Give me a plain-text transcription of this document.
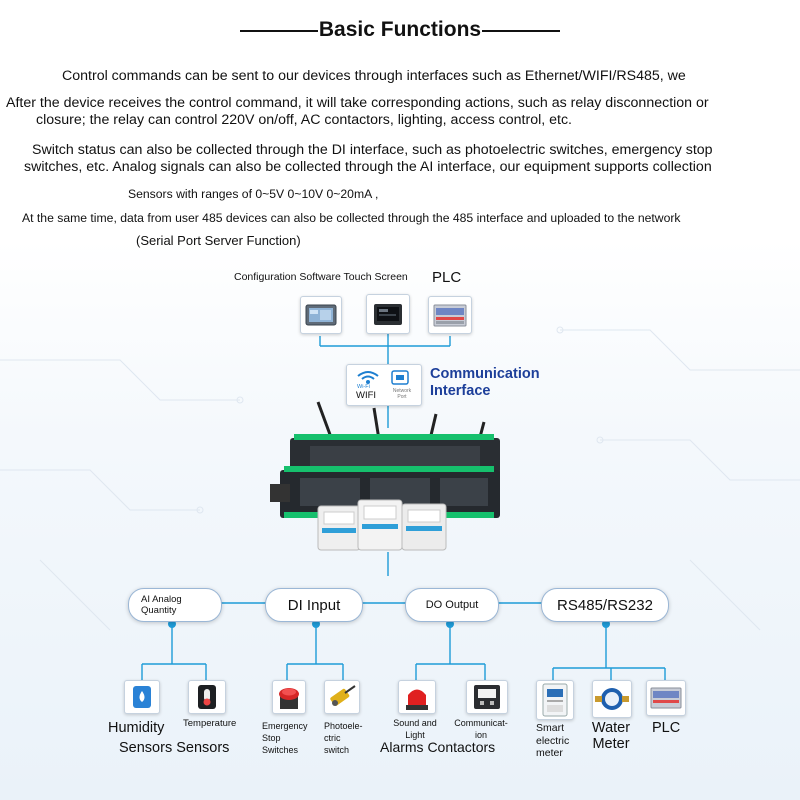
Basic Functions
Control commands can be sent to our devices through interfaces such as Ethernet/WIFI/RS485, we
After the device receives the control command, it will take corresponding actions, such as relay disconnection or
closure; the relay can control 220V on/off, AC contactors, lighting, access control, etc.
Switch status can also be collected through the DI interface, such as photoelectric switches, emergency stop
switches, etc. Analog signals can also be collected through the AI interface, our equipment supports collection
Sensors with ranges of 0~5V 0~10V 0~20mA ,
At the same time, data from user 485 devices can also be collected through the 485 interface and uploaded to the network
(Serial Port Server Function)
Configuration Software Touch Screen PLC
Wi-Fi
WIFI	Network Port
Communication
Interface
AI Analog
Quantity	DI Input	DO Output	RS485/RS232
Humidity Temperature
Sensors Sensors
Emergency
Stop
Switches
Photoele-
ctric
switch
Sound and
Light
Communicat-
ion
Alarms Contactors
Smart
electric
meter
Water
Meter
PLC
